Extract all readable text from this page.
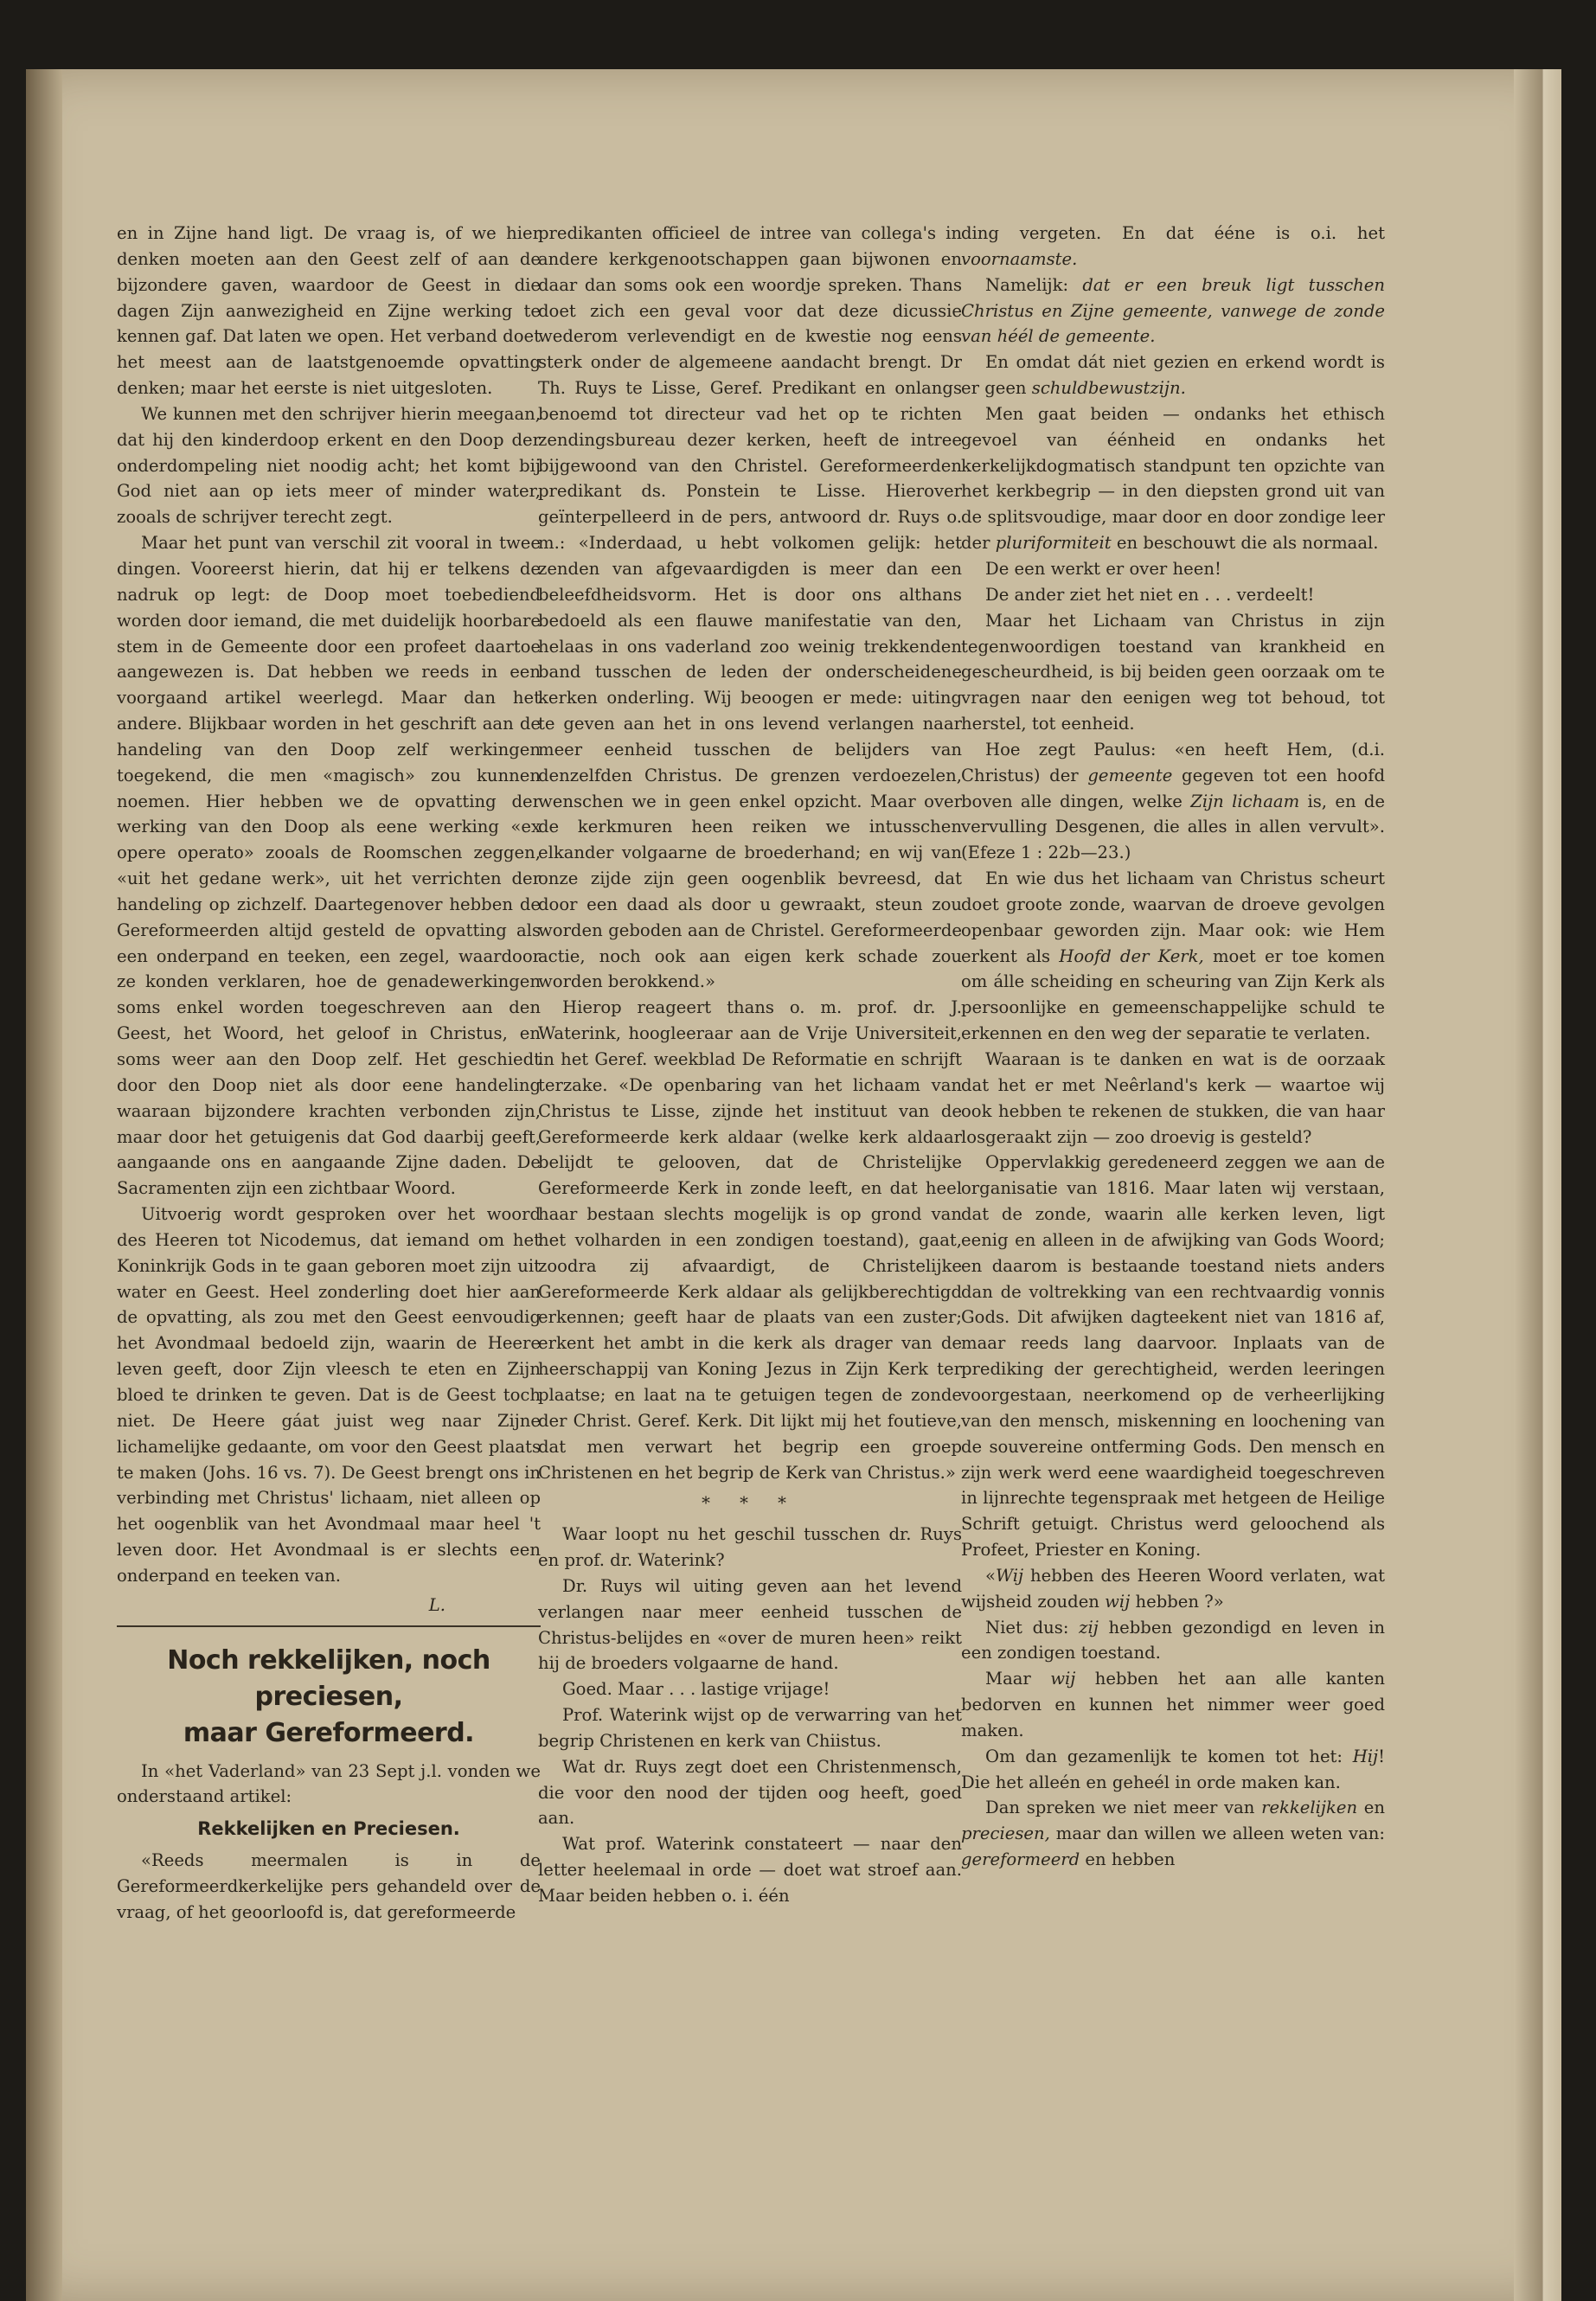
en in Zijne hand ligt. De vraag is, of we hier denken moeten aan den Geest zelf of aan de bijzondere gaven, waardoor de Geest in die dagen Zijn aanwezigheid en Zijne werking te kennen gaf. Dat laten we open. Het verband doet het meest aan de laatstgenoemde opvatting denken; maar het eerste is niet uitgesloten.

We kunnen met den schrijver hierin meegaan, dat hij den kinderdoop erkent en den Doop der onderdompeling niet noodig acht; het komt bij God niet aan op iets meer of minder water, zooals de schrijver terecht zegt.

Maar het punt van verschil zit vooral in twee dingen. Vooreerst hierin, dat hij er telkens de nadruk op legt: de Doop moet toebediend worden door iemand, die met duidelijk hoorbare stem in de Gemeente door een profeet daartoe aangewezen is. Dat hebben we reeds in een voorgaand artikel weerlegd. Maar dan het andere. Blijkbaar worden in het geschrift aan de handeling van den Doop zelf werkingen toegekend, die men «magisch» zou kunnen noemen. Hier hebben we de opvatting der werking van den Doop als eene werking «ex opere operato» zooals de Roomschen zeggen, «uit het gedane werk», uit het verrichten der handeling op zichzelf. Daartegenover hebben de Gereformeerden altijd gesteld de opvatting als een onderpand en teeken, een zegel, waardoor ze konden verklaren, hoe de genadewerkingen soms enkel worden toegeschreven aan den Geest, het Woord, het geloof in Christus, en soms weer aan den Doop zelf. Het geschiedt door den Doop niet als door eene handeling waaraan bijzondere krachten verbonden zijn, maar door het getuigenis dat God daarbij geeft, aangaande ons en aangaande Zijne daden. De Sacramenten zijn een zichtbaar Woord.

Uitvoerig wordt gesproken over het woord des Heeren tot Nicodemus, dat iemand om het Koninkrijk Gods in te gaan geboren moet zijn uit water en Geest. Heel zonderling doet hier aan de opvatting, als zou met den Geest eenvoudig het Avondmaal bedoeld zijn, waarin de Heere leven geeft, door Zijn vleesch te eten en Zijn bloed te drinken te geven. Dat is de Geest toch niet. De Heere gáat juist weg naar Zijne lichamelijke gedaante, om voor den Geest plaats te maken (Johs. 16 vs. 7). De Geest brengt ons in verbinding met Christus' lichaam, niet alleen op het oogenblik van het Avondmaal maar heel 't leven door. Het Avondmaal is er slechts een onderpand en teeken van.

L.
Noch rekkelijken, noch preciesen,
maar Gereformeerd.

In «het Vaderland» van 23 Sept j.l. vonden we onderstaand artikel:

Rekkelijken en Preciesen.

«Reeds meermalen is in de Gereformeerdkerkelijke pers gehandeld over de vraag, of het geoorloofd is, dat gereformeerde

predikanten officieel de intree van collega's in andere kerkgenootschappen gaan bijwonen en daar dan soms ook een woordje spreken. Thans doet zich een geval voor dat deze dicussie wederom verlevendigt en de kwestie nog eens sterk onder de algemeene aandacht brengt. Dr Th. Ruys te Lisse, Geref. Predikant en onlangs benoemd tot directeur vad het op te richten zendingsbureau dezer kerken, heeft de intree bijgewoond van den Christel. Gereformeerden predikant ds. Ponstein te Lisse. Hierover geïnterpelleerd in de pers, antwoord dr. Ruys o. m.: «Inderdaad, u hebt volkomen gelijk: het zenden van afgevaardigden is meer dan een beleefdheidsvorm. Het is door ons althans bedoeld als een flauwe manifestatie van den, helaas in ons vaderland zoo weinig trekkenden band tusschen de leden der onderscheidene kerken onderling. Wij beoogen er mede: uiting te geven aan het in ons levend verlangen naar meer eenheid tusschen de belijders van denzelfden Christus. De grenzen verdoezelen, wenschen we in geen enkel opzicht. Maar over de kerkmuren heen reiken we intusschen elkander volgaarne de broederhand; en wij van onze zijde zijn geen oogenblik bevreesd, dat door een daad als door u gewraakt, steun zou worden geboden aan de Christel. Gereformeerde actie, noch ook aan eigen kerk schade zou worden berokkend.»

Hierop reageert thans o. m. prof. dr. J. Waterink, hoogleeraar aan de Vrije Universiteit, in het Geref. weekblad De Reformatie en schrijft terzake. «De openbaring van het lichaam van Christus te Lisse, zijnde het instituut van de Gereformeerde kerk aldaar (welke kerk aldaar belijdt te gelooven, dat de Christelijke Gereformeerde Kerk in zonde leeft, en dat heel haar bestaan slechts mogelijk is op grond van het volharden in een zondigen toestand), gaat, zoodra zij afvaardigt, de Christelijke Gereformeerde Kerk aldaar als gelijkberechtigd erkennen; geeft haar de plaats van een zuster; erkent het ambt in die kerk als drager van de heerschappij van Koning Jezus in Zijn Kerk ter plaatse; en laat na te getuigen tegen de zonde der Christ. Geref. Kerk. Dit lijkt mij het foutieve, dat men verwart het begrip een groep Christenen en het begrip de Kerk van Christus.»

* * *

Waar loopt nu het geschil tusschen dr. Ruys en prof. dr. Waterink?

Dr. Ruys wil uiting geven aan het levend verlangen naar meer eenheid tusschen de Christus-belijdes en «over de muren heen» reikt hij de broeders volgaarne de hand.

Goed. Maar . . . lastige vrijage!

Prof. Waterink wijst op de verwarring van het begrip Christenen en kerk van Chiistus.

Wat dr. Ruys zegt doet een Christenmensch, die voor den nood der tijden oog heeft, goed aan.

Wat prof. Waterink constateert — naar den letter heelemaal in orde — doet wat stroef aan. Maar beiden hebben o. i. één

ding vergeten. En dat ééne is o.i. het voornaamste.

Namelijk: dat er een breuk ligt tusschen Christus en Zijne gemeente, vanwege de zonde van héél de gemeente.

En omdat dát niet gezien en erkend wordt is er geen schuldbewustzijn.

Men gaat beiden — ondanks het ethisch gevoel van éénheid en ondanks het kerkelijkdogmatisch standpunt ten opzichte van het kerkbegrip — in den diepsten grond uit van de splitsvoudige, maar door en door zondige leer der pluriformiteit en beschouwt die als normaal.

De een werkt er over heen!

De ander ziet het niet en . . . verdeelt!

Maar het Lichaam van Christus in zijn tegenwoordigen toestand van krankheid en gescheurdheid, is bij beiden geen oorzaak om te vragen naar den eenigen weg tot behoud, tot herstel, tot eenheid.

Hoe zegt Paulus: «en heeft Hem, (d.i. Christus) der gemeente gegeven tot een hoofd boven alle dingen, welke Zijn lichaam is, en de vervulling Desgenen, die alles in allen vervult». (Efeze 1 : 22b—23.)

En wie dus het lichaam van Christus scheurt doet groote zonde, waarvan de droeve gevolgen openbaar geworden zijn. Maar ook: wie Hem erkent als Hoofd der Kerk, moet er toe komen om álle scheiding en scheuring van Zijn Kerk als persoonlijke en gemeenschappelijke schuld te erkennen en den weg der separatie te verlaten.

Waaraan is te danken en wat is de oorzaak dat het er met Neêrland's kerk — waartoe wij ook hebben te rekenen de stukken, die van haar losgeraakt zijn — zoo droevig is gesteld?

Oppervlakkig geredeneerd zeggen we aan de organisatie van 1816. Maar laten wij verstaan, dat de zonde, waarin alle kerken leven, ligt eenig en alleen in de afwijking van Gods Woord; en daarom is bestaande toestand niets anders dan de voltrekking van een rechtvaardig vonnis Gods. Dit afwijken dagteekent niet van 1816 af, maar reeds lang daarvoor. Inplaats van de prediking der gerechtigheid, werden leeringen voorgestaan, neerkomend op de verheerlijking van den mensch, miskenning en loochening van de souvereine ontferming Gods. Den mensch en zijn werk werd eene waardigheid toegeschreven in lijnrechte tegenspraak met hetgeen de Heilige Schrift getuigt. Christus werd geloochend als Profeet, Priester en Koning.

«Wij hebben des Heeren Woord verlaten, wat wijsheid zouden wij hebben ?»

Niet dus: zij hebben gezondigd en leven in een zondigen toestand.

Maar wij hebben het aan alle kanten bedorven en kunnen het nimmer weer goed maken.

Om dan gezamenlijk te komen tot het: Hij! Die het alleén en geheél in orde maken kan.

Dan spreken we niet meer van rekkelijken en preciesen, maar dan willen we alleen weten van: gereformeerd en hebben
